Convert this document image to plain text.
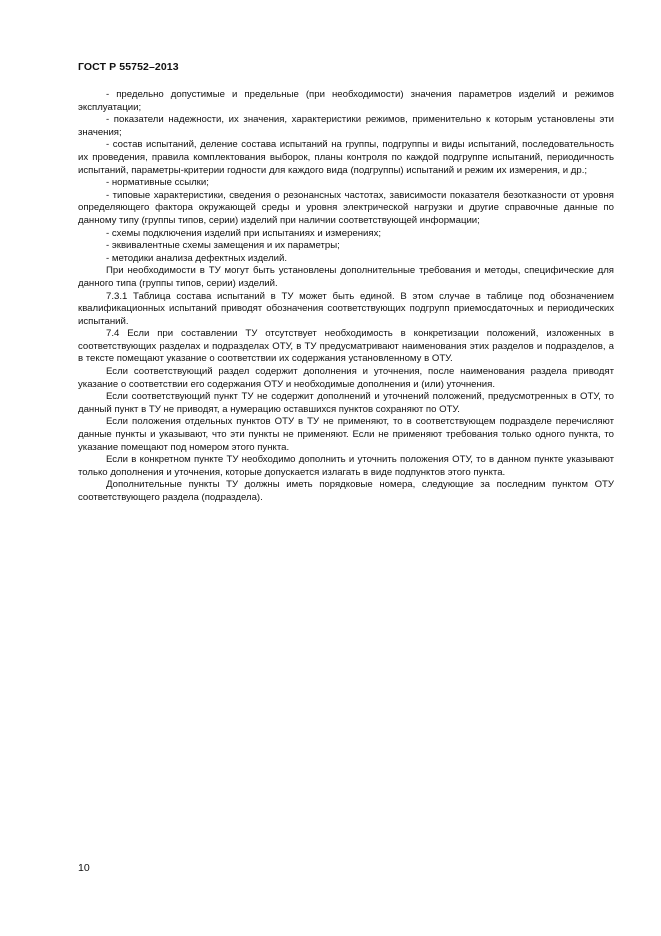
ГОСТ Р 55752–2013

- предельно допустимые и предельные (при необходимости) значения параметров изделий и режимов эксплуатации;

- показатели надежности, их значения, характеристики режимов, применительно к которым установлены эти значения;

- состав испытаний, деление состава испытаний на группы, подгруппы и виды испытаний, последовательность их проведения, правила комплектования выборок, планы контроля по каждой подгруппе испытаний, периодичность испытаний, параметры-критерии годности для каждого вида (подгруппы) испытаний и режим их измерения, и др.;

- нормативные ссылки;

- типовые характеристики, сведения о резонансных частотах, зависимости показателя безотказности от уровня определяющего фактора окружающей среды и уровня электрической нагрузки и другие справочные данные по данному типу (группы типов, серии) изделий при наличии соответствующей информации;

- схемы подключения изделий при испытаниях и измерениях;

- эквивалентные схемы замещения и их параметры;

- методики анализа дефектных изделий.

При необходимости в ТУ могут быть установлены дополнительные требования и методы, специфические для данного типа (группы типов, серии) изделий.

7.3.1 Таблица состава испытаний в ТУ может быть единой. В этом случае в таблице под обозначением квалификационных испытаний приводят обозначения соответствующих подгрупп приемосдаточных и периодических испытаний.

7.4 Если при составлении ТУ отсутствует необходимость в конкретизации положений, изложенных в соответствующих разделах и подразделах ОТУ, в ТУ предусматривают наименования этих разделов и подразделов, а в тексте помещают указание о соответствии их содержания установленному в ОТУ.

Если соответствующий раздел содержит дополнения и уточнения, после наименования раздела приводят указание о соответствии его содержания ОТУ и необходимые дополнения и (или) уточнения.

Если соответствующий пункт ТУ не содержит дополнений и уточнений положений, предусмотренных в ОТУ, то данный пункт в ТУ не приводят, а нумерацию оставшихся пунктов сохраняют по ОТУ.

Если положения отдельных пунктов ОТУ в ТУ не применяют, то в соответствующем подразделе перечисляют данные пункты и указывают, что эти пункты не применяют. Если не применяют требования только одного пункта, то указание помещают под номером этого пункта.

Если в конкретном пункте ТУ необходимо дополнить и уточнить положения ОТУ, то в данном пункте указывают только дополнения и уточнения, которые допускается излагать в виде подпунктов этого пункта.

Дополнительные пункты ТУ должны иметь порядковые номера, следующие за последним пунктом ОТУ соответствующего раздела (подраздела).

10
